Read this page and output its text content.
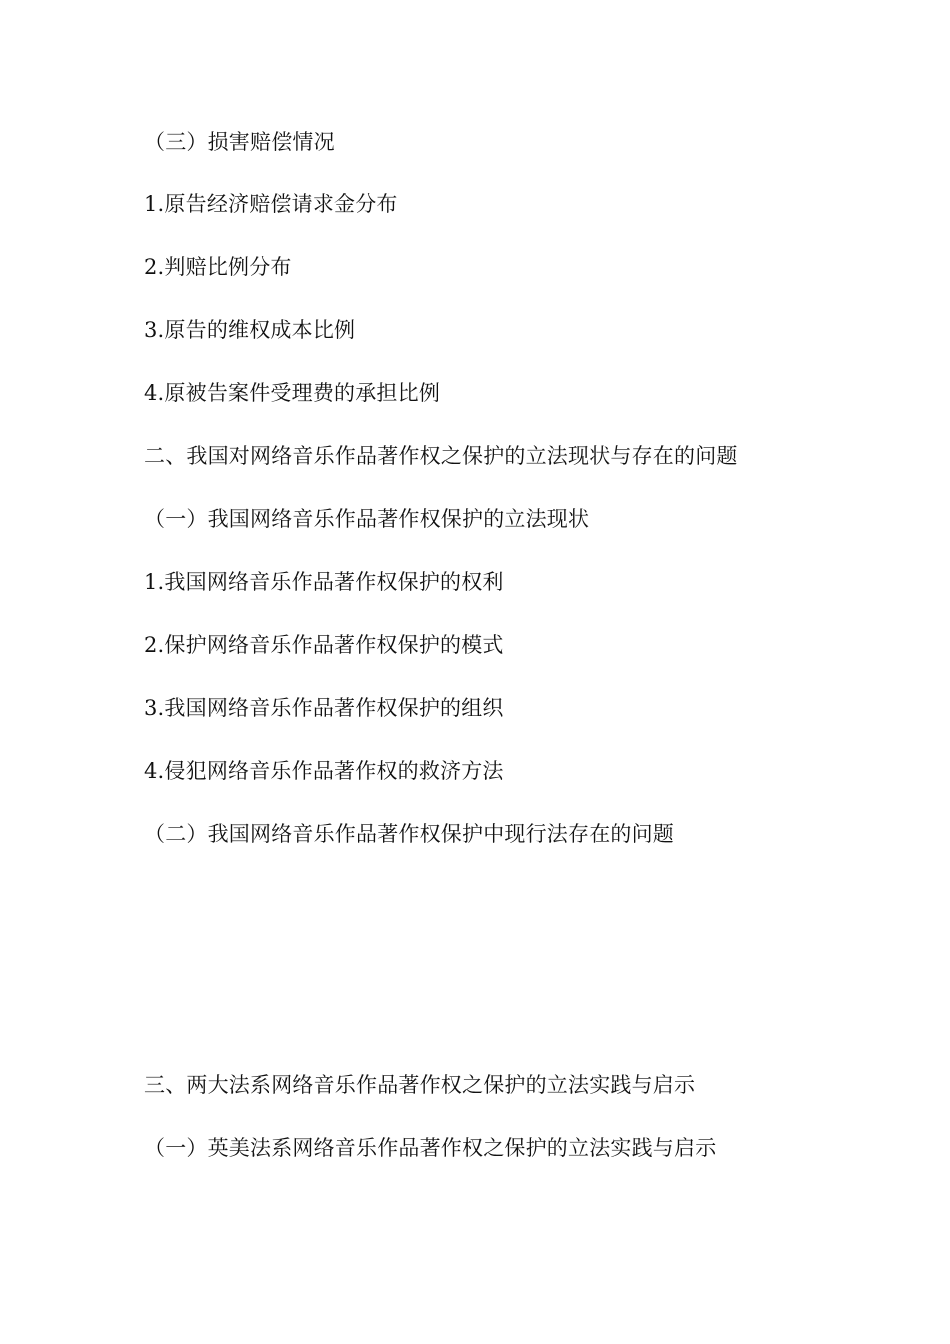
（三）损害赔偿情况
1.原告经济赔偿请求金分布
2.判赔比例分布
3.原告的维权成本比例
4.原被告案件受理费的承担比例
二、我国对网络音乐作品著作权之保护的立法现状与存在的问题
（一）我国网络音乐作品著作权保护的立法现状
1.我国网络音乐作品著作权保护的权利
2.保护网络音乐作品著作权保护的模式
3.我国网络音乐作品著作权保护的组织
4.侵犯网络音乐作品著作权的救济方法
（二）我国网络音乐作品著作权保护中现行法存在的问题
三、两大法系网络音乐作品著作权之保护的立法实践与启示
（一）英美法系网络音乐作品著作权之保护的立法实践与启示
